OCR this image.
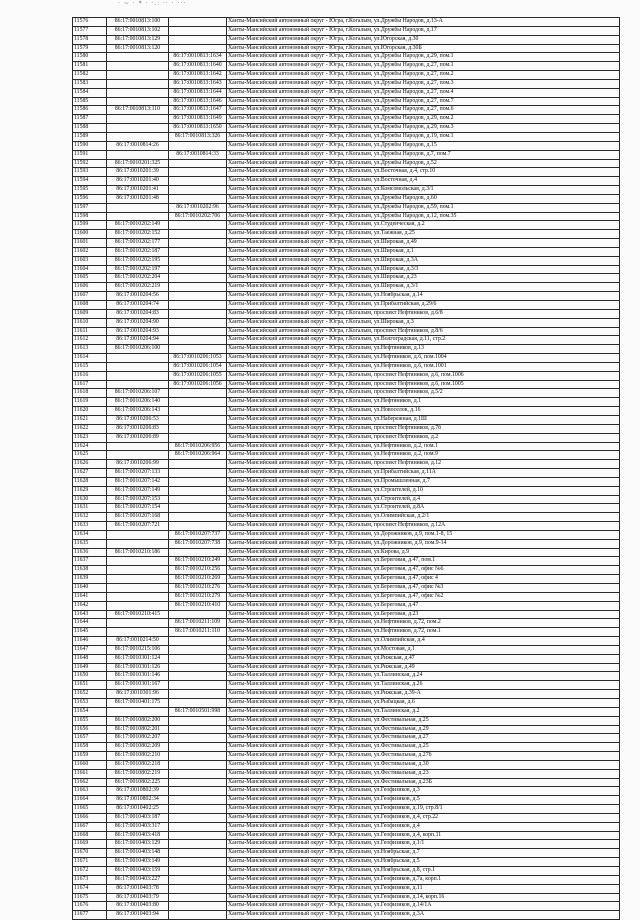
· ~ · * · ·.: ·· · ···
11576	86:17:0010813:100		Ханты-Мансийский автономный округ - Югра, г.Когалым, ул.Дружбы Народов, д.13-А
11577	86:17:0010813:102		Ханты-Мансийский автономный округ - Югра, г.Когалым, ул.Дружбы Народов, д.17
11578	86:17:0010813:129		Ханты-Мансийский автономный округ - Югра, г.Когалым, ул.Югорская, д.30
11579	86:17:0010813:120		Ханты-Мансийский автономный округ - Югра, г.Когалым, ул.Югорская, д.30Б
11580		86:17:0010813:1634	Ханты-Мансийский автономный округ - Югра, г.Когалым, ул.Дружбы Народов, д.29, пом.1
11581		86:17:0010813:1640	Ханты-Мансийский автономный округ - Югра, г.Когалым, ул.Дружбы Народов, д.27, пом.1
11582		86:17:0010813:1642	Ханты-Мансийский автономный округ - Югра, г.Когалым, ул.Дружбы Народов, д.27, пом.2
11583		86:17:0010813:1643	Ханты-Мансийский автономный округ - Югра, г.Когалым, ул.Дружбы Народов, д.27, пом.3
11584		86:17:0010813:1644	Ханты-Мансийский автономный округ - Югра, г.Когалым, ул.Дружбы Народов, д.27, пом.4
11585		86:17:0010813:1646	Ханты-Мансийский автономный округ - Югра, г.Когалым, ул.Дружбы Народов, д.27, пом.7
11586	86:17:0010813:110	86:17:0010813:1647	Ханты-Мансийский автономный округ - Югра, г.Когалым, ул.Дружбы Народов, д.27, пом.6
11587		86:17:0010813:1649	Ханты-Мансийский автономный округ - Югра, г.Когалым, ул.Дружбы Народов, д.29, пом.2
11588		86:17:0010813:1650	Ханты-Мансийский автономный округ - Югра, г.Когалым, ул.Дружбы Народов, д.29, пом.3
11589		86:17:0010813:326	Ханты-Мансийский автономный округ - Югра, г.Когалым, ул.Дружбы Народов, д.19, пом.1
11590	86:17:0010814:26		Ханты-Мансийский автономный округ - Югра, г.Когалым, ул.Дружбы Народов, д.15
11591		86:17:0010814:33	Ханты-Мансийский автономный округ - Югра, г.Когалым, ул.Дружбы Народов, д.7, пом.7
11592	86:17:0010201:325		Ханты-Мансийский автономный округ - Югра, г.Когалым, ул.Дружбы Народов, д.52
11593	86:17:0010201:39		Ханты-Мансийский автономный округ - Югра, г.Когалым, ул.Восточная, д.4, стр.10
11594	86:17:0010201:40		Ханты-Мансийский автономный округ - Югра, г.Когалым, ул.Восточная, д.4
11595	86:17:0010201:41		Ханты-Мансийский автономный округ - Югра, г.Когалым, ул.Комсомольская, д.3/1
11596	86:17:0010201:48		Ханты-Мансийский автономный округ - Югра, г.Когалым, ул.Дружбы Народов, д.60
11597		86:17:0010202:96	Ханты-Мансийский автономный округ - Югра, г.Когалым, ул.Дружбы Народов, д.59, пом.1
11598		86:17:0010202:706	Ханты-Мансийский автономный округ - Югра, г.Когалым, ул.Дружбы Народов, д.12, пом.35
11599	86:17:0010202:149		Ханты-Мансийский автономный округ - Югра, г.Когалым, ул.Студенческая, д.2
11600	86:17:0010202:152		Ханты-Мансийский автономный округ - Югра, г.Когалым, ул.Таежная, д.25
11601	86:17:0010202:177		Ханты-Мансийский автономный округ - Югра, г.Когалым, ул.Широкая, д.49
11602	86:17:0010202:187		Ханты-Мансийский автономный округ - Югра, г.Когалым, ул.Широкая, д.1
11603	86:17:0010202:195		Ханты-Мансийский автономный округ - Югра, г.Когалым, ул.Широкая, д.3А
11604	86:17:0010202:197		Ханты-Мансийский автономный округ - Югра, г.Когалым, ул.Широкая, д.3/3
11605	86:17:0010202:204		Ханты-Мансийский автономный округ - Югра, г.Когалым, ул.Широкая, д.23
11606	86:17:0010202:219		Ханты-Мансийский автономный округ - Югра, г.Когалым, ул.Широкая, д.3/1
11607	86:17:0010204:56		Ханты-Мансийский автономный округ - Югра, г.Когалым, ул.Ноябрьская, д.14
11608	86:17:0010204:74		Ханты-Мансийский автономный округ - Югра, г.Когалым, ул.Прибалтийская, д.29/6
11609	86:17:0010204:83		Ханты-Мансийский автономный округ - Югра, г.Когалым, проспект Нефтяников, д.6/8
11610	86:17:0010204:90		Ханты-Мансийский автономный округ - Югра, г.Когалым, ул.Широкая, д.3
11611	86:17:0010204:93		Ханты-Мансийский автономный округ - Югра, г.Когалым, проспект Нефтяников, д.8/6
11612	86:17:0010204:94		Ханты-Мансийский автономный округ - Югра, г.Когалым, ул.Волгоградская, д.11, стр.2
11613	86:17:0010206:100		Ханты-Мансийский автономный округ - Югра, г.Когалым, ул.Нефтяников, д.13
11614		86:17:0010206:1053	Ханты-Мансийский автономный округ - Югра, г.Когалым, ул.Нефтяников, д.6, пом.1004
11615		86:17:0010206:1054	Ханты-Мансийский автономный округ - Югра, г.Когалым, ул.Нефтяников, д.6, пом.1001
11616		86:17:0010206:1055	Ханты-Мансийский автономный округ - Югра, г.Когалым, проспект Нефтяников, д.6, пом.1006
11617		86:17:0010206:1056	Ханты-Мансийский автономный округ - Югра, г.Когалым, проспект Нефтяников, д.6, пом.1005
11618	86:17:0010206:107		Ханты-Мансийский автономный округ - Югра, г.Когалым, проспект Нефтяников, д.5/2
11619	86:17:0010206:140		Ханты-Мансийский автономный округ - Югра, г.Когалым, ул.Нефтяников, д.1
11620	86:17:0010206:143		Ханты-Мансийский автономный округ - Югра, г.Когалым, ул.Новоселов, д.16
11621	86:17:0010206:53		Ханты-Мансийский автономный округ - Югра, г.Когалым, ул.Набережная, д.1Ш
11622	86:17:0010206:83		Ханты-Мансийский автономный округ - Югра, г.Когалым, проспект Нефтяников, д.7б
11623	86:17:0010206:89		Ханты-Мансийский автономный округ - Югра, г.Когалым, проспект Нефтяников, д.2
11624		86:17:0010206:956	Ханты-Мансийский автономный округ - Югра, г.Когалым, ул.Нефтяников, д.2, пом.1
11625		86:17:0010206:964	Ханты-Мансийский автономный округ - Югра, г.Когалым, ул.Нефтяников, д.2, пом.9
11626	86:17:0010206:99		Ханты-Мансийский автономный округ - Югра, г.Когалым, проспект Нефтяников, д.12
11627	86:17:0010207:133		Ханты-Мансийский автономный округ - Югра, г.Когалым, ул.Прибалтийская, д.11А
11628	86:17:0010207:142		Ханты-Мансийский автономный округ - Югра, г.Когалым, ул.Промышленная, д.7
11629	86:17:0010207:149		Ханты-Мансийский автономный округ - Югра, г.Когалым, ул.Строителей, д.10
11630	86:17:0010207:153		Ханты-Мансийский автономный округ - Югра, г.Когалым, ул.Строителей, д.4
11631	86:17:0010207:154		Ханты-Мансийский автономный округ - Югра, г.Когалым, ул.Строителей, д.8А
11632	86:17:0010207:168		Ханты-Мансийский автономный округ - Югра, г.Когалым, ул.Олимпийская, д.2/1
11633	86:17:0010207:721		Ханты-Мансийский автономный округ - Югра, г.Когалым, проспект Нефтяников, д.12А
11634		86:17:0010207:737	Ханты-Мансийский автономный округ - Югра, г.Когалым, ул.Дорожников, д.9, пом.1-8, 15
11635		86:17:0010207:738	Ханты-Мансийский автономный округ - Югра, г.Когалым, ул.Дорожников, д.9, пом.9-14
11636	86:17:0010210:186		Ханты-Мансийский автономный округ - Югра, г.Когалым, ул.Кирова, д.9
11637		86:17:0010210:249	Ханты-Мансийский автономный округ - Югра, г.Когалым, ул.Береговая, д.47, пом.1
11638		86:17:0010210:256	Ханты-Мансийский автономный округ - Югра, г.Когалым, ул.Береговая, д.47, офис №6
11639		86:17:0010210:269	Ханты-Мансийский автономный округ - Югра, г.Когалым, ул.Береговая, д.47, офис 4
11640		86:17:0010210:276	Ханты-Мансийский автономный округ - Югра, г.Когалым, ул.Береговая, д.47, офис №3
11641		86:17:0010210:279	Ханты-Мансийский автономный округ - Югра, г.Когалым, ул.Береговая, д.47, офис №2
11642		86:17:0010210:410	Ханты-Мансийский автономный округ - Югра, г.Когалым, ул.Береговая, д.47
11643	86:17:0010210:415		Ханты-Мансийский автономный округ - Югра, г.Когалым, ул.Береговая, д.23
11644		86:17:0010211:109	Ханты-Мансийский автономный округ - Югра, г.Когалым, ул.Нефтяников, д.72, пом.2
11645		86:17:0010211:110	Ханты-Мансийский автономный округ - Югра, г.Когалым, ул.Нефтяников, д.72, пом.1
11646	86:17:0010214:50		Ханты-Мансийский автономный округ - Югра, г.Когалым, ул.Олимпийская, д.4
11647	86:17:0010215:106		Ханты-Мансийский автономный округ - Югра, г.Когалым, ул.Мостовая, д.1
11648	86:17:0010301:124		Ханты-Мансийский автономный округ - Югра, г.Когалым, ул.Рижская, д.47
11649	86:17:0010301:126		Ханты-Мансийский автономный округ - Югра, г.Когалым, ул.Рижская, д.49
11650	86:17:0010301:146		Ханты-Мансийский автономный округ - Югра, г.Когалым, ул.Таллинская, д.24
11651	86:17:0010301:167		Ханты-Мансийский автономный округ - Югра, г.Когалым, ул.Таллинская, д.26
11652	86:17:0010301:96		Ханты-Мансийский автономный округ - Югра, г.Когалым, ул.Рижская, д.39-А
11653	86:17:0010401:175		Ханты-Мансийский автономный округ - Югра, г.Когалым, ул.Рыбацкая, д.6
11654		86:17:0010501:998	Ханты-Мансийский автономный округ - Югра, г.Когалым, ул.Таллинская, д.2
11655	86:17:0010802:200		Ханты-Мансийский автономный округ - Югра, г.Когалым, ул.Фестивальная, д.25
11656	86:17:0010802:201		Ханты-Мансийский автономный округ - Югра, г.Когалым, ул.Фестивальная, д.29
11657	86:17:0010802:207		Ханты-Мансийский автономный округ - Югра, г.Когалым, ул.Фестивальная, д.27
11658	86:17:0010802:209		Ханты-Мансийский автономный округ - Югра, г.Когалым, ул.Фестивальная, д.25
11659	86:17:0010802:210		Ханты-Мансийский автономный округ - Югра, г.Когалым, ул.Фестивальная, д.27б
11660	86:17:0010802:218		Ханты-Мансийский автономный округ - Югра, г.Когалым, ул.Фестивальная, д.30
11661	86:17:0010802:219		Ханты-Мансийский автономный округ - Югра, г.Когалым, ул.Фестивальная, д.23
11662	86:17:0010802:225		Ханты-Мансийский автономный округ - Югра, г.Когалым, ул.Фестивальная, д.23Б
11663	86:17:0010802:39		Ханты-Мансийский автономный округ - Югра, г.Когалым, ул.Геофизиков, д.3
11664	86:17:0010802:34		Ханты-Мансийский автономный округ - Югра, г.Когалым, ул.Геофизиков, д.5
11665	86:17:0010402:25		Ханты-Мансийский автономный округ - Югра, г.Когалым, ул.Геофизиков, д.19, стр.8/1
11666	86:17:0010403:187		Ханты-Мансийский автономный округ - Югра, г.Когалым, ул.Геофизиков, д.4, стр.22
11667	86:17:0010403:317		Ханты-Мансийский автономный округ - Югра, г.Когалым, ул.Геофизиков, д.4
11668	86:17:0010403:418		Ханты-Мансийский автономный округ - Югра, г.Когалым, ул.Геофизиков, д.4, корп.11
11669	86:17:0010403:129		Ханты-Мансийский автономный округ - Югра, г.Когалым, ул.Геофизиков, д.1/1
11670	86:17:0010403:148		Ханты-Мансийский автономный округ - Югра, г.Когалым, ул.Ноябрьская, д.7
11671	86:17:0010403:149		Ханты-Мансийский автономный округ - Югра, г.Когалым, ул.Ноябрьская, д.5
11672	86:17:0010403:159		Ханты-Мансийский автономный округ - Югра, г.Когалым, ул.Ноябрьская, д.8, стр.1
11673	86:17:0010403:227		Ханты-Мансийский автономный округ - Югра, г.Когалым, ул.Геофизиков, д.7а, корп.1
11674	86:17:0010403:78		Ханты-Мансийский автономный округ - Югра, г.Когалым, ул.Геофизиков, д.11
11675	86:17:0010403:79		Ханты-Мансийский автономный округ - Югра, г.Когалым, ул.Геофизиков, д.14, корп.16
11676	86:17:0010403:80		Ханты-Мансийский автономный округ - Югра, г.Когалым, ул.Геофизиков, д.14/1А
11677	86:17:0010403:94		Ханты-Мансийский автономный округ - Югра, г.Когалым, ул.Геофизиков, д.3А
